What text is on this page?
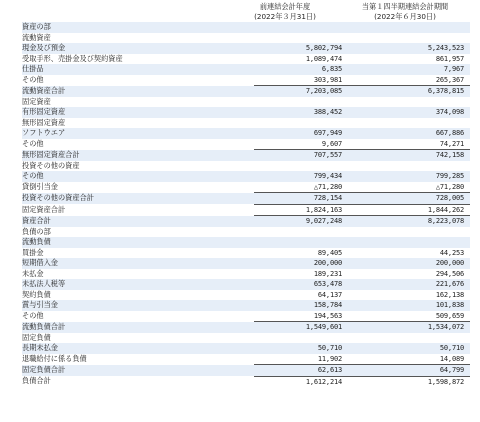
前連結会計年度
(2022年３月31日)
当第１四半期連結会計期間
(2022年６月30日)
資産の部		
流動資産		
現金及び預金	5,802,794	5,243,523
受取手形、売掛金及び契約資産	1,089,474	861,957
仕掛品	6,835	7,967
その他	303,981	265,367
流動資産合計	7,203,085	6,378,815
固定資産		
有形固定資産	388,452	374,098
無形固定資産		
ソフトウエア	697,949	667,886
その他	9,607	74,271
無形固定資産合計	707,557	742,158
投資その他の資産		
その他	799,434	799,285
貸倒引当金	△71,280	△71,280
投資その他の資産合計	728,154	728,005
固定資産合計	1,824,163	1,844,262
資産合計	9,027,248	8,223,078
負債の部		
流動負債		
買掛金	89,405	44,253
短期借入金	200,000	200,000
未払金	189,231	294,506
未払法人税等	653,478	221,676
契約負債	64,137	162,138
賞与引当金	158,784	101,838
その他	194,563	509,659
流動負債合計	1,549,601	1,534,072
固定負債		
長期未払金	50,710	50,710
退職給付に係る負債	11,902	14,089
固定負債合計	62,613	64,799
負債合計	1,612,214	1,598,872
